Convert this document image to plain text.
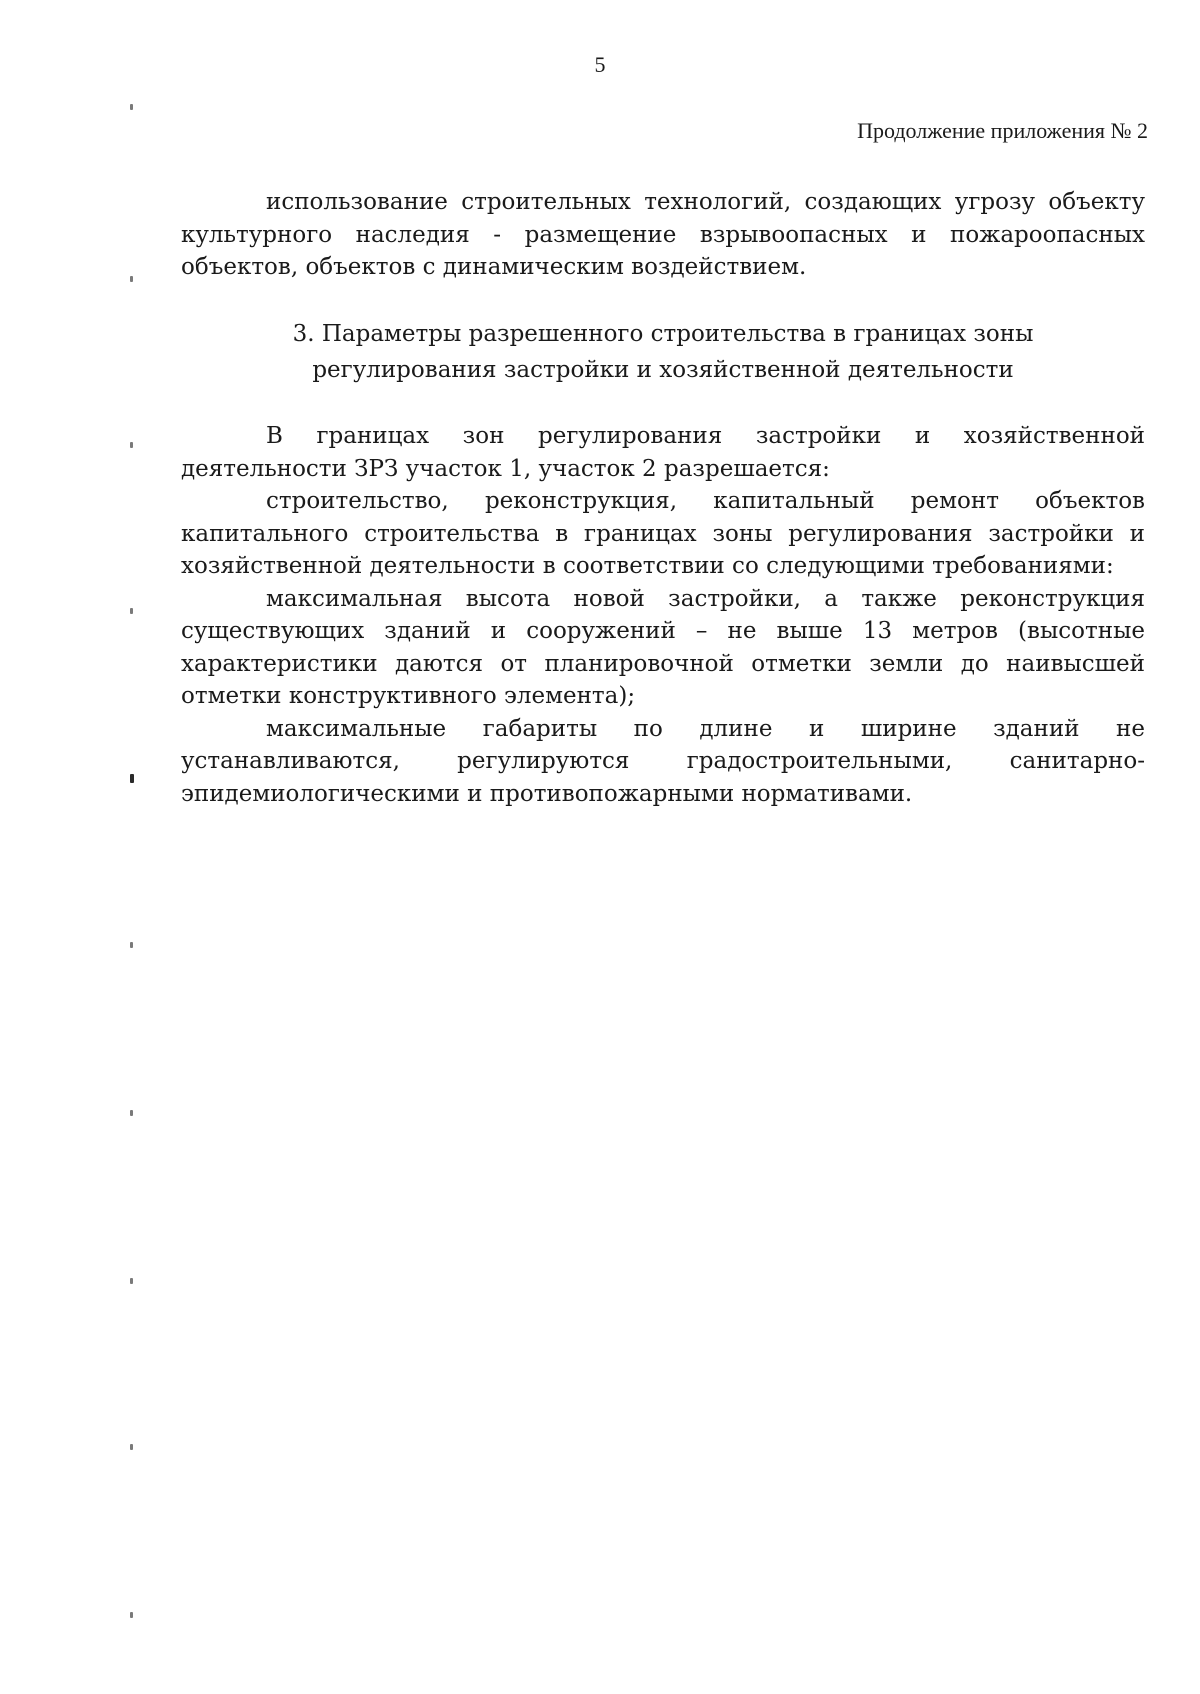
5
Продолжение приложения № 2

использование строительных технологий, создающих угрозу объекту культурного наследия - размещение взрывоопасных и пожароопасных объектов, объектов с динамическим воздействием.

3. Параметры разрешенного строительства в границах зоны
регулирования застройки и хозяйственной деятельности

В границах зон регулирования застройки и хозяйственной деятельности ЗРЗ участок 1, участок 2 разрешается:

строительство, реконструкция, капитальный ремонт объектов капитального строительства в границах зоны регулирования застройки и хозяйственной деятельности в соответствии со следующими требованиями:

максимальная высота новой застройки, а также реконструкция существующих зданий и сооружений – не выше 13 метров (высотные характеристики даются от планировочной отметки земли до наивысшей отметки конструктивного элемента);

максимальные габариты по длине и ширине зданий не устанавливаются, регулируются градостроительными, санитарно-эпидемиологическими и противопожарными нормативами.
